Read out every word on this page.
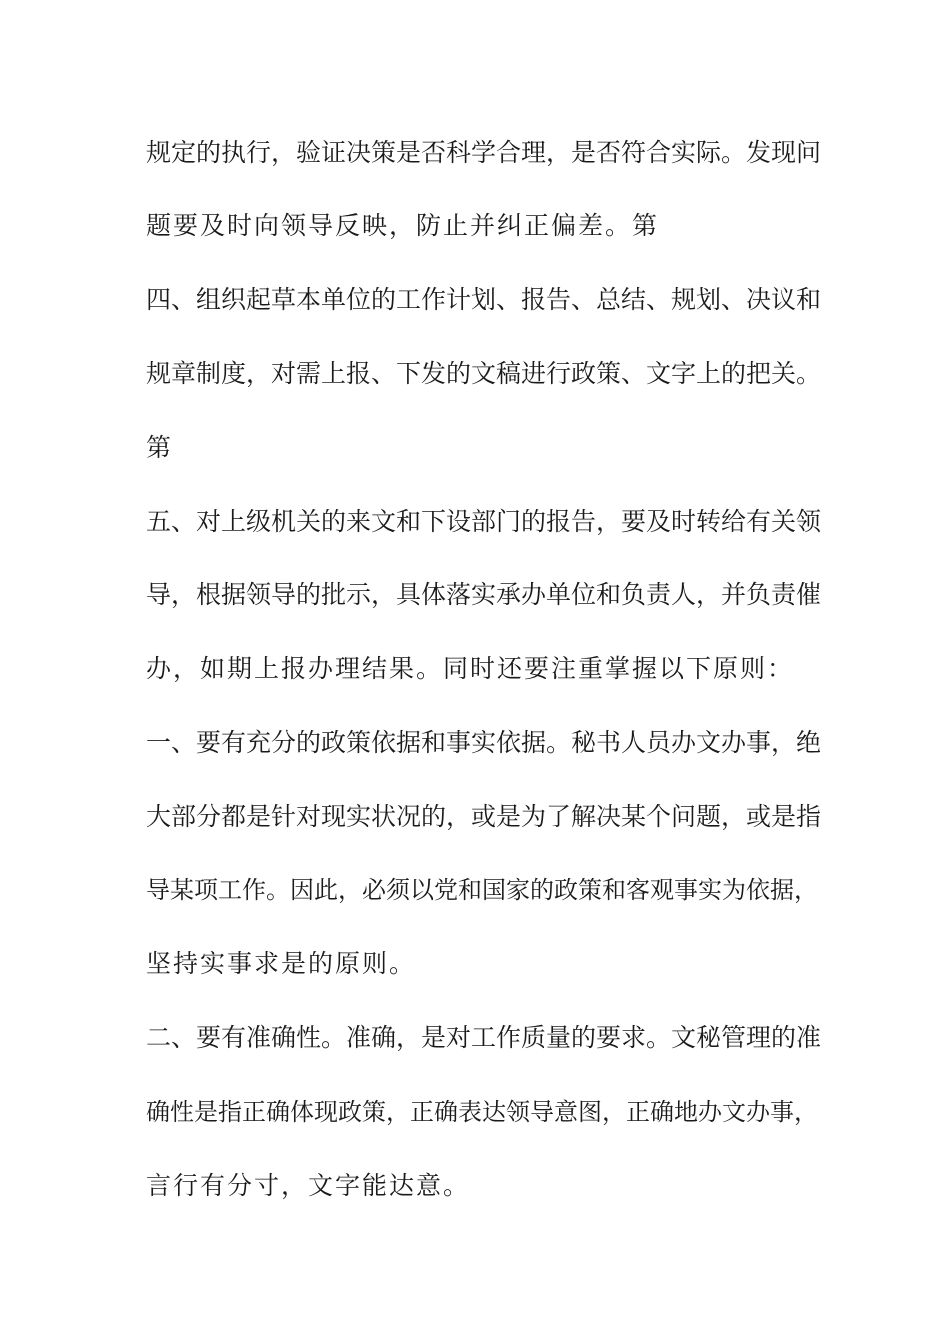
规定的执行，验证决策是否科学合理，是否符合实际。发现问

题要及时向领导反映，防止并纠正偏差。第

四、组织起草本单位的工作计划、报告、总结、规划、决议和

规章制度，对需上报、下发的文稿进行政策、文字上的把关。

第

五、对上级机关的来文和下设部门的报告，要及时转给有关领

导，根据领导的批示，具体落实承办单位和负责人，并负责催

办，如期上报办理结果。同时还要注重掌握以下原则：

一、要有充分的政策依据和事实依据。秘书人员办文办事，绝

大部分都是针对现实状况的，或是为了解决某个问题，或是指

导某项工作。因此，必须以党和国家的政策和客观事实为依据，

坚持实事求是的原则。

二、要有准确性。准确，是对工作质量的要求。文秘管理的准

确性是指正确体现政策，正确表达领导意图，正确地办文办事，

言行有分寸，文字能达意。
